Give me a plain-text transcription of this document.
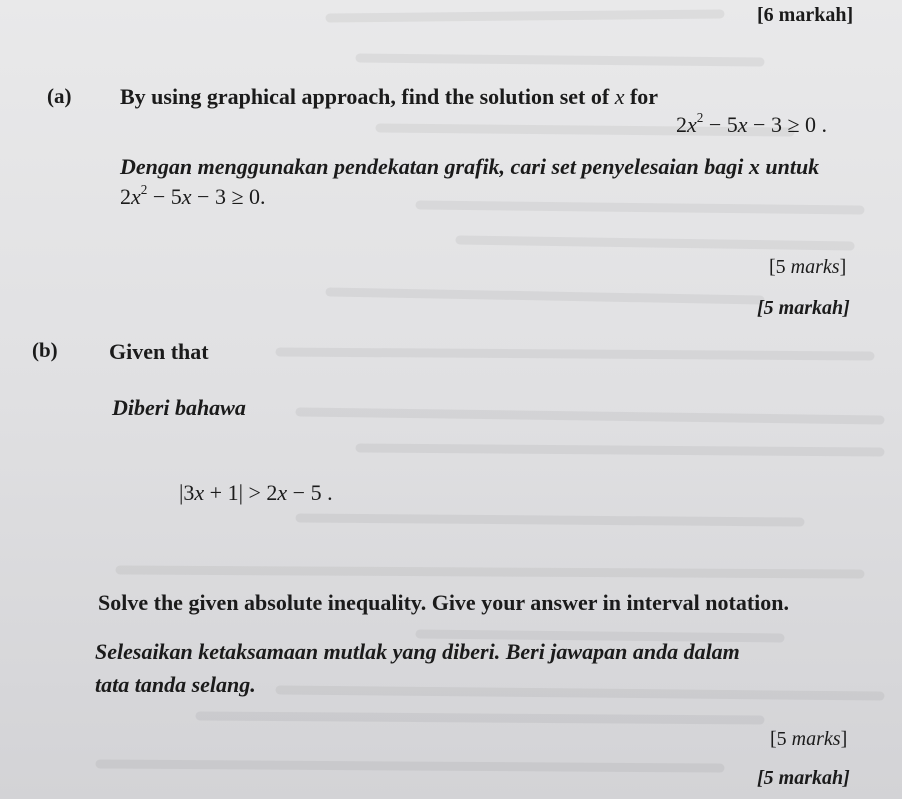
[6 markah]
(a) By using graphical approach, find the solution set of x for
$2x^2 - 5x - 3 \ge 0$ .
Dengan menggunakan pendekatan grafik, cari set penyelesaian bagi x untuk
$2x^2 - 5x - 3 \ge 0$.
[5 marks]
[5 markah]
(b) Given that
Diberi bahawa
|3x + 1| > 2x − 5 .
Solve the given absolute inequality. Give your answer in interval notation.
Selesaikan ketaksamaan mutlak yang diberi. Beri jawapan anda dalam
tata tanda selang.
[5 marks]
[5 markah]
